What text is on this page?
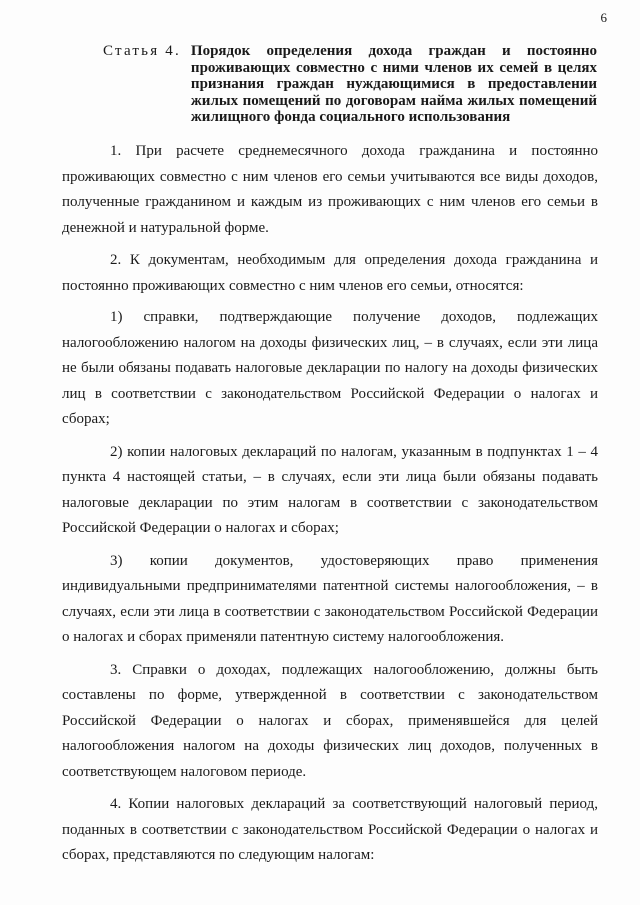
6
Статья 4. Порядок определения дохода граждан и постоянно проживающих совместно с ними членов их семей в целях признания граждан нуждающимися в предоставлении жилых помещений по договорам найма жилых помещений жилищного фонда социального использования

1. При расчете среднемесячного дохода гражданина и постоянно проживающих совместно с ним членов его семьи учитываются все виды доходов, полученные гражданином и каждым из проживающих с ним членов его семьи в денежной и натуральной форме.

2. К документам, необходимым для определения дохода гражданина и постоянно проживающих совместно с ним членов его семьи, относятся:

1) справки, подтверждающие получение доходов, подлежащих налогообложению налогом на доходы физических лиц, – в случаях, если эти лица не были обязаны подавать налоговые декларации по налогу на доходы физических лиц в соответствии с законодательством Российской Федерации о налогах и сборах;

2) копии налоговых деклараций по налогам, указанным в подпунктах 1 – 4 пункта 4 настоящей статьи, – в случаях, если эти лица были обязаны подавать налоговые декларации по этим налогам в соответствии с законодательством Российской Федерации о налогах и сборах;

3) копии документов, удостоверяющих право применения индивидуальными предпринимателями патентной системы налогообложения, – в случаях, если эти лица в соответствии с законодательством Российской Федерации о налогах и сборах применяли патентную систему налогообложения.

3. Справки о доходах, подлежащих налогообложению, должны быть составлены по форме, утвержденной в соответствии с законодательством Российской Федерации о налогах и сборах, применявшейся для целей налогообложения налогом на доходы физических лиц доходов, полученных в соответствующем налоговом периоде.

4. Копии налоговых деклараций за соответствующий налоговый период, поданных в соответствии с законодательством Российской Федерации о налогах и сборах, представляются по следующим налогам:
